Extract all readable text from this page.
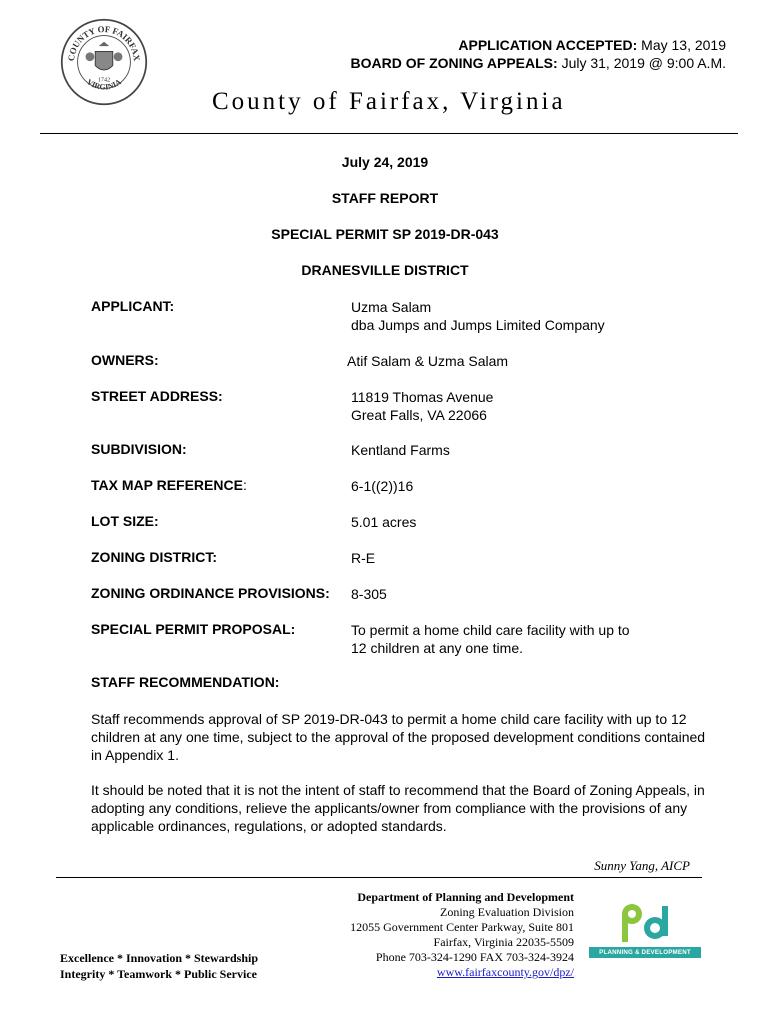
COUNTY OF FAIRFAX
VIRGINIA
1742
APPLICATION ACCEPTED: May 13, 2019
BOARD OF ZONING APPEALS: July 31, 2019 @ 9:00 A.M.
County of Fairfax, Virginia
July 24, 2019
STAFF REPORT
SPECIAL PERMIT SP 2019-DR-043
DRANESVILLE DISTRICT
APPLICANT:	Uzma Salam
dba Jumps and Jumps Limited Company
OWNERS:	Atif Salam & Uzma Salam
STREET ADDRESS:	11819 Thomas Avenue
Great Falls, VA 22066
SUBDIVISION:	Kentland Farms
TAX MAP REFERENCE:	6-1((2))16
LOT SIZE:	5.01 acres
ZONING DISTRICT:	R-E
ZONING ORDINANCE PROVISIONS: 8-305
SPECIAL PERMIT PROPOSAL:	To permit a home child care facility with up to
12 children at any one time.
STAFF RECOMMENDATION:
Staff recommends approval of SP 2019-DR-043 to permit a home child care facility with up to 12 children at any one time, subject to the approval of the proposed development conditions contained in Appendix 1.
It should be noted that it is not the intent of staff to recommend that the Board of Zoning Appeals, in adopting any conditions, relieve the applicants/owner from compliance with the provisions of any applicable ordinances, regulations, or adopted standards.
Sunny Yang, AICP
Department of Planning and Development
Zoning Evaluation Division
12055 Government Center Parkway, Suite 801
Fairfax, Virginia 22035-5509
Phone 703-324-1290 FAX 703-324-3924
www.fairfaxcounty.gov/dpz/
Excellence * Innovation * Stewardship
Integrity * Teamwork * Public Service
PLANNING & DEVELOPMENT
